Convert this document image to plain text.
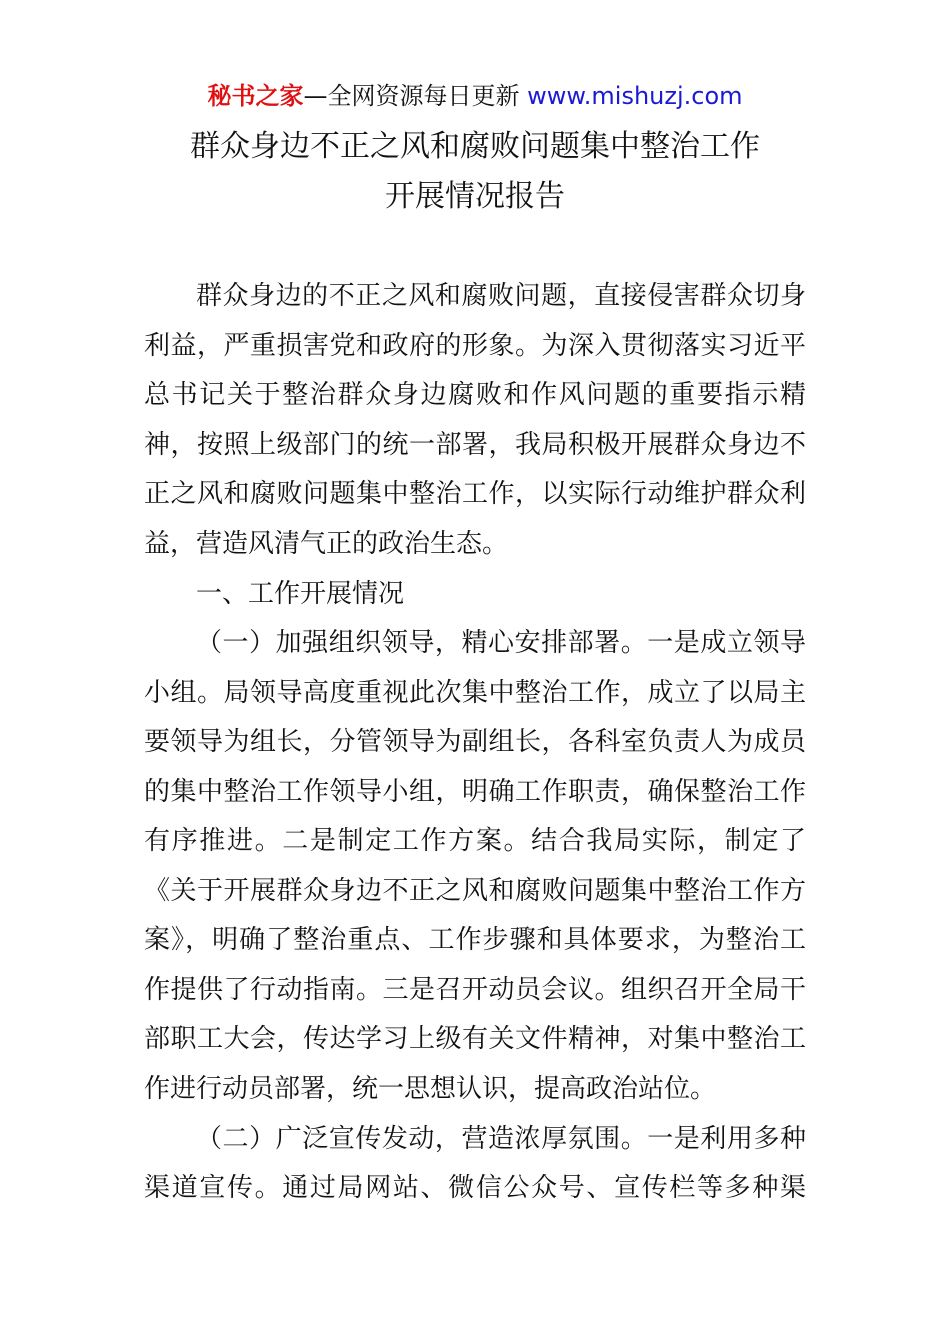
秘书之家—全网资源每日更新 www.mishuzj.com
群众身边不正之风和腐败问题集中整治工作
开展情况报告
群众身边的不正之风和腐败问题，直接侵害群众切身
利益，严重损害党和政府的形象。为深入贯彻落实习近平
总书记关于整治群众身边腐败和作风问题的重要指示精
神，按照上级部门的统一部署，我局积极开展群众身边不
正之风和腐败问题集中整治工作，以实际行动维护群众利
益，营造风清气正的政治生态。
一、工作开展情况
（一）加强组织领导，精心安排部署。一是成立领导
小组。局领导高度重视此次集中整治工作，成立了以局主
要领导为组长，分管领导为副组长，各科室负责人为成员
的集中整治工作领导小组，明确工作职责，确保整治工作
有序推进。二是制定工作方案。结合我局实际，制定了
《关于开展群众身边不正之风和腐败问题集中整治工作方
案》，明确了整治重点、工作步骤和具体要求，为整治工
作提供了行动指南。三是召开动员会议。组织召开全局干
部职工大会，传达学习上级有关文件精神，对集中整治工
作进行动员部署，统一思想认识，提高政治站位。
（二）广泛宣传发动，营造浓厚氛围。一是利用多种
渠道宣传。通过局网站、微信公众号、宣传栏等多种渠
